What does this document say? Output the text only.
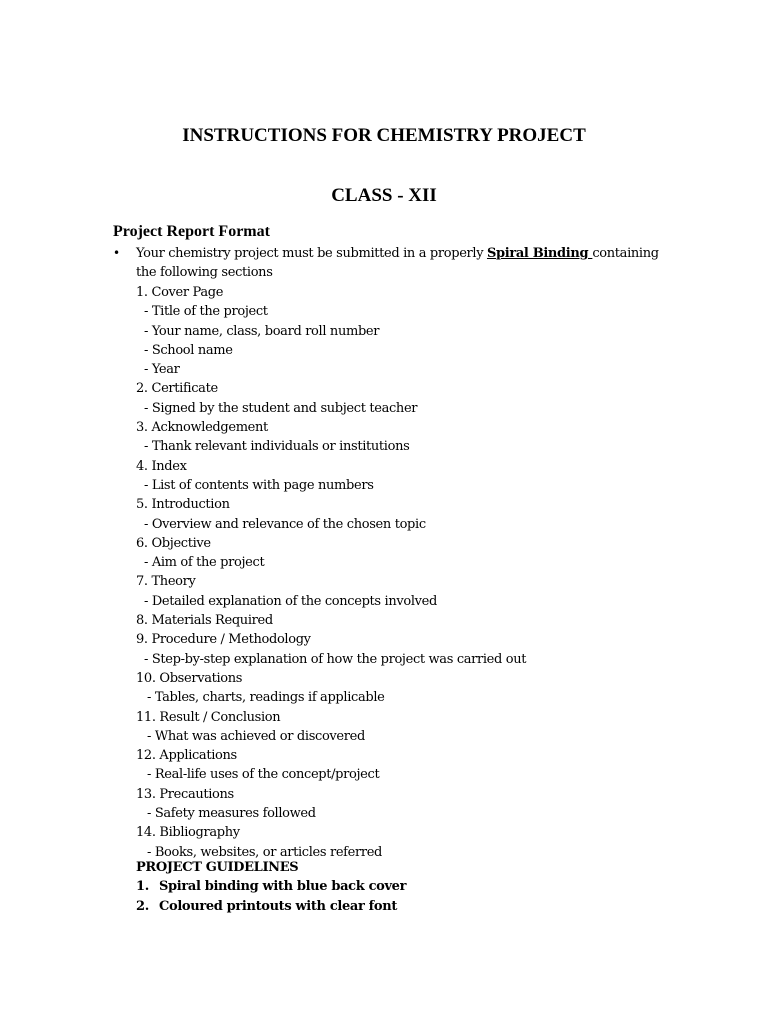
INSTRUCTIONS FOR CHEMISTRY PROJECT
CLASS - XII
Project Report Format
•	Your chemistry project must be submitted in a properly Spiral Binding containing the following sections
1. Cover Page
- Title of the project
- Your name, class, board roll number
- School name
- Year
2. Certificate
- Signed by the student and subject teacher
3. Acknowledgement
- Thank relevant individuals or institutions
4. Index
- List of contents with page numbers
5. Introduction
- Overview and relevance of the chosen topic
6. Objective
- Aim of the project
7. Theory
- Detailed explanation of the concepts involved
8. Materials Required
9. Procedure / Methodology
- Step-by-step explanation of how the project was carried out
10. Observations
- Tables, charts, readings if applicable
11. Result / Conclusion
- What was achieved or discovered
12. Applications
- Real-life uses of the concept/project
13. Precautions
- Safety measures followed
14. Bibliography
- Books, websites, or articles referred
PROJECT GUIDELINES
1. Spiral binding with blue back cover
2. Coloured printouts with clear font
